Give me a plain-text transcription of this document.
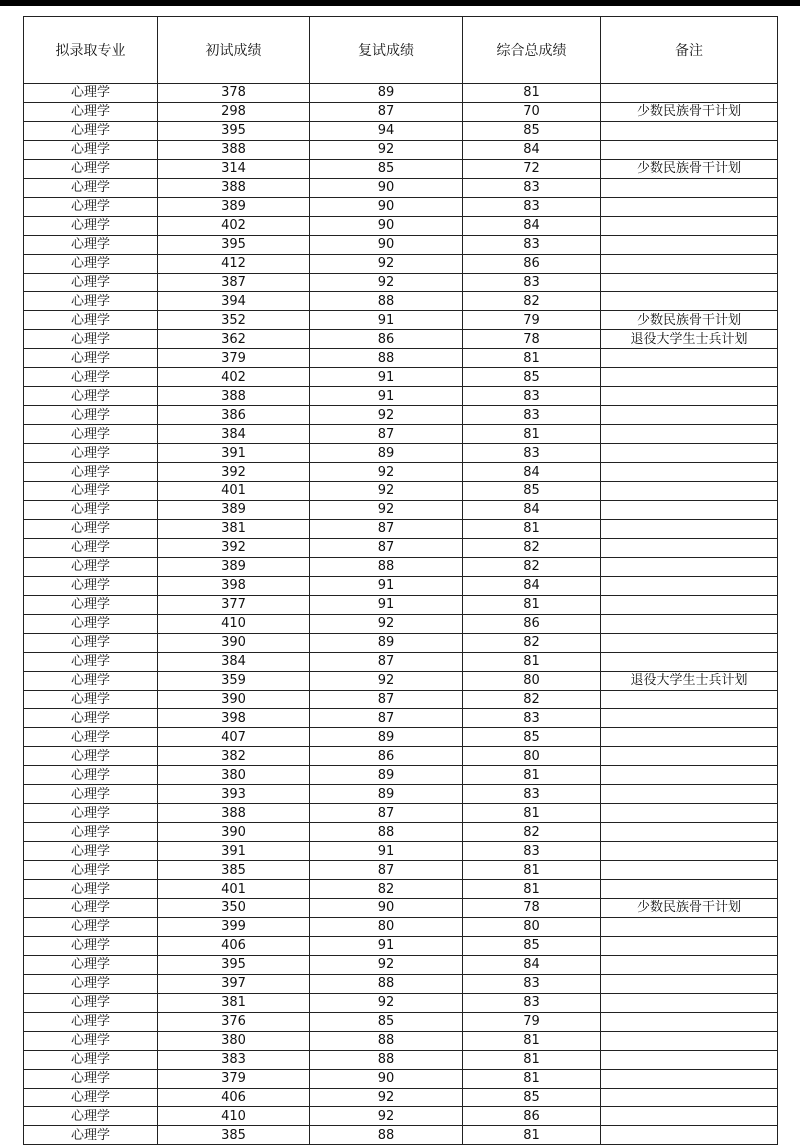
拟录取专业	初试成绩	复试成绩	综合总成绩	备注
心理学	378	89	81	
心理学	298	87	70	少数民族骨干计划
心理学	395	94	85	
心理学	388	92	84	
心理学	314	85	72	少数民族骨干计划
心理学	388	90	83	
心理学	389	90	83	
心理学	402	90	84	
心理学	395	90	83	
心理学	412	92	86	
心理学	387	92	83	
心理学	394	88	82	
心理学	352	91	79	少数民族骨干计划
心理学	362	86	78	退役大学生士兵计划
心理学	379	88	81	
心理学	402	91	85	
心理学	388	91	83	
心理学	386	92	83	
心理学	384	87	81	
心理学	391	89	83	
心理学	392	92	84	
心理学	401	92	85	
心理学	389	92	84	
心理学	381	87	81	
心理学	392	87	82	
心理学	389	88	82	
心理学	398	91	84	
心理学	377	91	81	
心理学	410	92	86	
心理学	390	89	82	
心理学	384	87	81	
心理学	359	92	80	退役大学生士兵计划
心理学	390	87	82	
心理学	398	87	83	
心理学	407	89	85	
心理学	382	86	80	
心理学	380	89	81	
心理学	393	89	83	
心理学	388	87	81	
心理学	390	88	82	
心理学	391	91	83	
心理学	385	87	81	
心理学	401	82	81	
心理学	350	90	78	少数民族骨干计划
心理学	399	80	80	
心理学	406	91	85	
心理学	395	92	84	
心理学	397	88	83	
心理学	381	92	83	
心理学	376	85	79	
心理学	380	88	81	
心理学	383	88	81	
心理学	379	90	81	
心理学	406	92	85	
心理学	410	92	86	
心理学	385	88	81	
